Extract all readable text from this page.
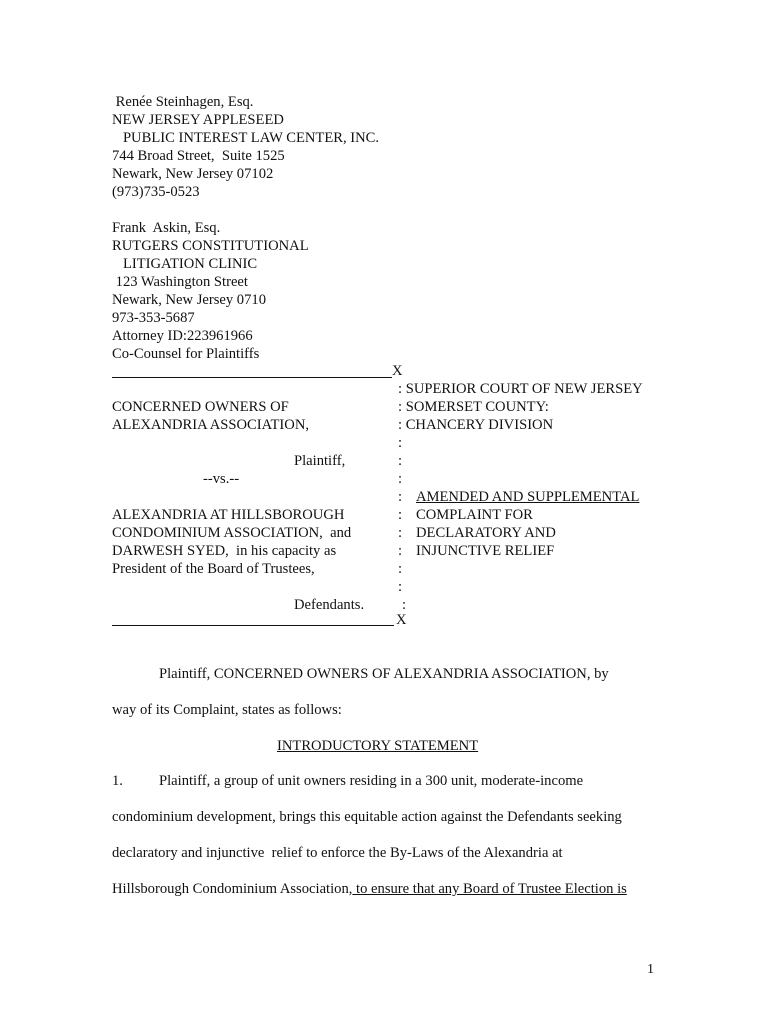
Renée Steinhagen, Esq.
NEW JERSEY APPLESEED
PUBLIC INTEREST LAW CENTER, INC.
744 Broad Street,  Suite 1525
Newark, New Jersey 07102
(973)735-0523
Frank  Askin, Esq.
RUTGERS CONSTITUTIONAL
LITIGATION CLINIC
123 Washington Street
Newark, New Jersey 0710
973-353-5687
Attorney ID:223961966
Co-Counsel for Plaintiffs
X
: SUPERIOR COURT OF NEW JERSEY
: SOMERSET COUNTY:
: CHANCERY DIVISION
:
:
:
:
:
:
:
:
:
:
CONCERNED OWNERS OF
ALEXANDRIA ASSOCIATION,
Plaintiff,
--vs.--
ALEXANDRIA AT HILLSBOROUGH
CONDOMINIUM ASSOCIATION,  and
DARWESH SYED,  in his capacity as
President of the Board of Trustees,
Defendants.
AMENDED AND SUPPLEMENTAL
COMPLAINT FOR
DECLARATORY AND
INJUNCTIVE RELIEF
X
Plaintiff, CONCERNED OWNERS OF ALEXANDRIA ASSOCIATION, by
way of its Complaint, states as follows:
INTRODUCTORY STATEMENT
1. Plaintiff, a group of unit owners residing in a 300 unit, moderate-income
condominium development, brings this equitable action against the Defendants seeking
declaratory and injunctive  relief to enforce the By-Laws of the Alexandria at
Hillsborough Condominium Association, to ensure that any Board of Trustee Election is
1
